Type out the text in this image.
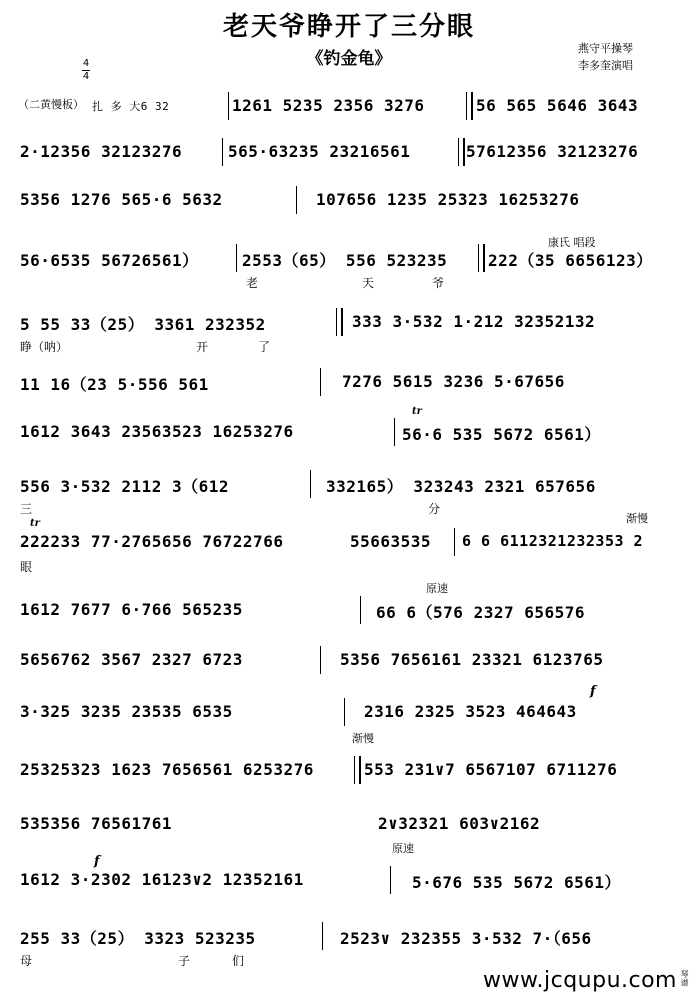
老天爷睁开了三分眼
《钓金龟》
燕守平操琴
李多奎演唱
4
4
（二黄慢板） 扎 多 大6 32	1261 5235 2356 3276	56 565 5646 3643
2·12356 32123276	565·63235 23216561	57612356 32123276
5356 1276 565·6 5632	107656 1235 25323 16253276
56·6535 56726561）	2553（65） 556 523235	222（35 6656123）
康氏 唱段
老	天	爷
5 55 33（25） 3361 232352	333 3·532 1·212 32352132
睁（呐）	开	了
11 16（23 5·556 561	7276 5615 3236 5·67656
1612 3643 23563523 16253276	56·6 535 5672 6561）
tr
556 3·532 2112 3（612	332165） 323243 2321 657656
三	分
222233 77·2765656 76722766	55663535 6 6 6112321232353 2
tr	渐慢
眼
1612 7677 6·766 565235	66 6（576 2327 656576
原速
5656762 3567 2327 6723	5356 7656161 23321 6123765
3·325 3235 23535 6535	2316 2325 3523 464643
渐慢
f
25325323 1623 7656561 6253276	553 231∨7 6567107 6711276
535356 76561761	2∨32321 603∨2162
原速
1612 3·2302 16123∨2 12352161	5·676 535 5672 6561）
f
255 33（25） 3323 523235	2523∨ 232355 3·532 7·（656
母	子	们
www.jcqupu.com 琴谱
